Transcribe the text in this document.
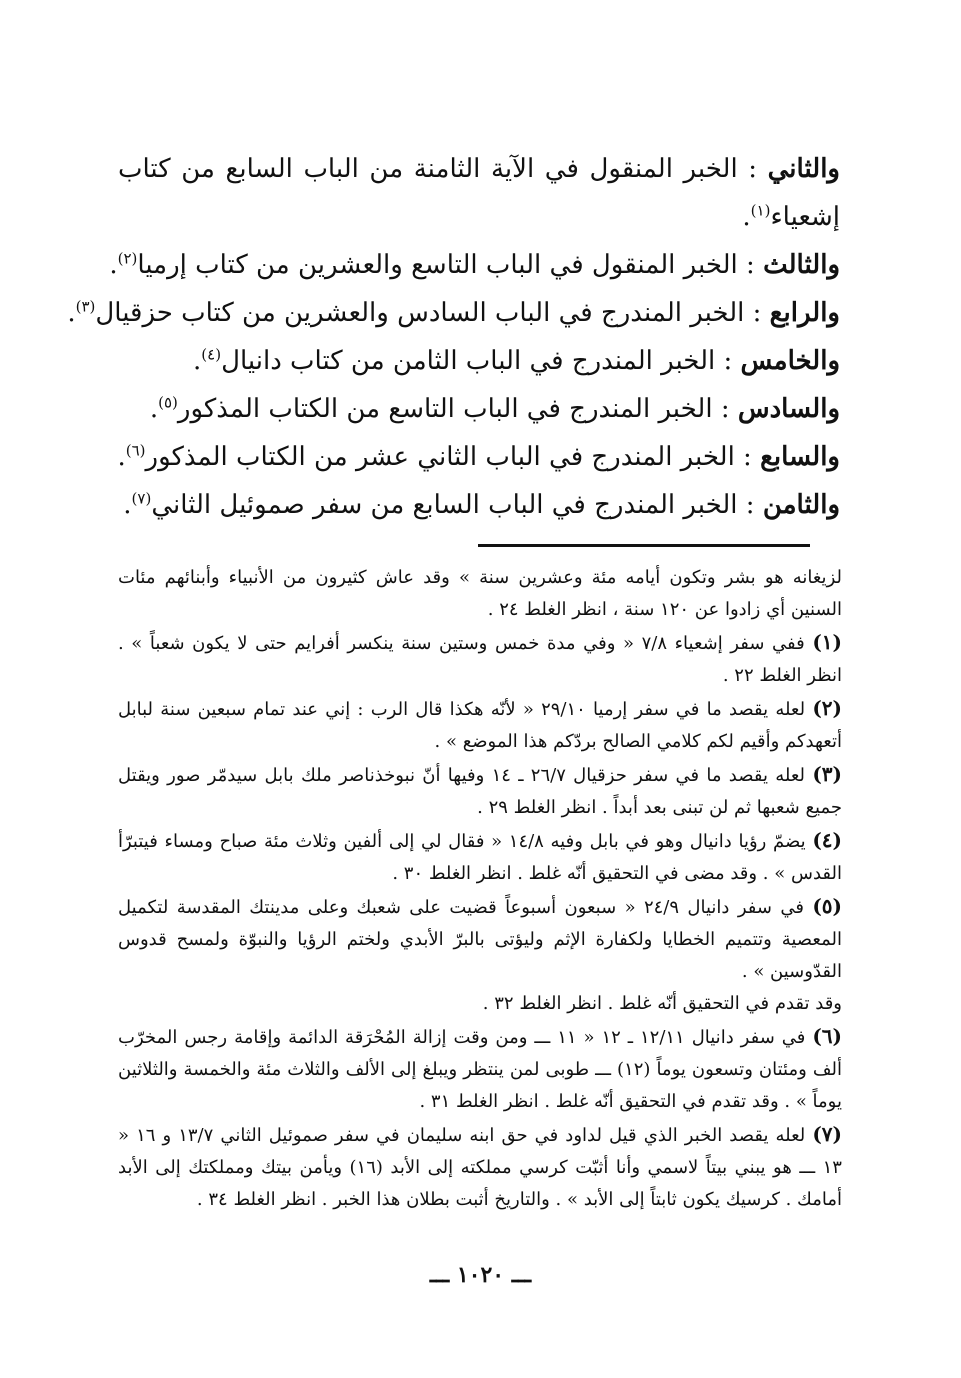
والثاني : الخبر المنقول في الآية الثامنة من الباب السابع من كتاب إشعياء$^{(١)}$.

والثالث : الخبر المنقول في الباب التاسع والعشرين من كتاب إرميا$^{(٢)}$.

والرابع : الخبر المندرج في الباب السادس والعشرين من كتاب حزقيال$^{(٣)}$.

والخامس : الخبر المندرج في الباب الثامن من كتاب دانيال$^{(٤)}$.

والسادس : الخبر المندرج في الباب التاسع من الكتاب المذكور$^{(٥)}$.

والسابع : الخبر المندرج في الباب الثاني عشر من الكتاب المذكور$^{(٦)}$.

والثامن : الخبر المندرج في الباب السابع من سفر صموئيل الثاني$^{(٧)}$.

لزيغانه هو بشر وتكون أيامه مئة وعشرين سنة » وقد عاش كثيرون من الأنبياء وأبنائهم مئات السنين أي زادوا عن ١٢٠ سنة ، انظر الغلط ٢٤ .

(١) ففي سفر إشعياء ٧/٨ « وفي مدة خمس وستين سنة ينكسر أفرايم حتى لا يكون شعباً » . انظر الغلط ٢٢ .

(٢) لعله يقصد ما في سفر إرميا ٢٩/١٠ « لأنّه هكذا قال الرب : إني عند تمام سبعين سنة لبابل أتعهدكم وأقيم لكم كلامي الصالح بردّكم هذا الموضع » .

(٣) لعله يقصد ما في سفر حزقيال ٢٦/٧ ـ ١٤ وفيها أنّ نبوخذناصر ملك بابل سيدمّر صور ويقتل جميع شعبها ثم لن تبنى بعد أبداً . انظر الغلط ٢٩ .

(٤) يضمّ رؤيا دانيال وهو في بابل وفيه ١٤/٨ « فقال لي إلى ألفين وثلاث مئة صباح ومساء فيتبرّأ القدس » . وقد مضى في التحقيق أنّه غلط . انظر الغلط ٣٠ .

(٥) في سفر دانيال ٢٤/٩ « سبعون أسبوعاً قضيت على شعبك وعلى مدينتك المقدسة لتكميل المعصية وتتميم الخطايا ولكفارة الإثم وليؤتى بالبرّ الأبدي ولختم الرؤيا والنبوّة ولمسح قدوس القدّوسين » .

وقد تقدم في التحقيق أنّه غلط . انظر الغلط ٣٢ .

(٦) في سفر دانيال ١٢/١١ ـ ١٢ « ١١ ـــ ومن وقت إزالة المُحْرَقة الدائمة وإقامة رجس المخرّب ألف ومئتان وتسعون يوماً (١٢) ـــ طوبى لمن ينتظر ويبلغ إلى الألف والثلاث مئة والخمسة والثلاثين يوماً » . وقد تقدم في التحقيق أنّه غلط . انظر الغلط ٣١ .

(٧) لعله يقصد الخبر الذي قيل لداود في حق ابنه سليمان في سفر صموئيل الثاني ١٣/٧ و ١٦ « ١٣ ـــ هو يبني بيتاً لاسمي وأنا أثبّت كرسي مملكته إلى الأبد (١٦) ويأمن بيتك ومملكتك إلى الأبد أمامك . كرسيك يكون ثابتاً إلى الأبد » . والتاريخ أثبت بطلان هذا الخبر . انظر الغلط ٣٤ .

ـــ ١٠٢٠ ـــ
